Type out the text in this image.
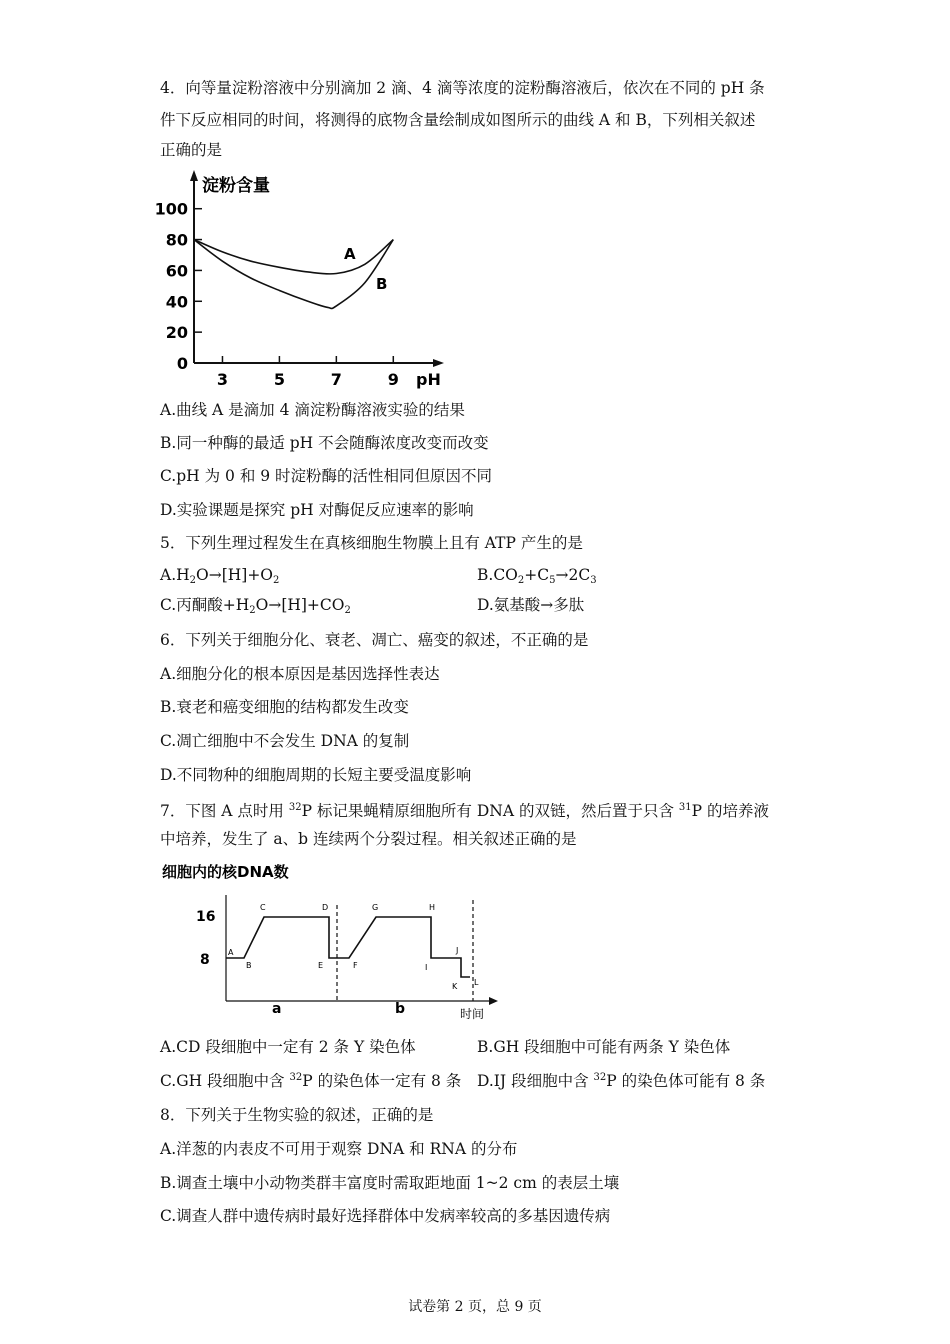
4．向等量淀粉溶液中分别滴加 2 滴、4 滴等浓度的淀粉酶溶液后，依次在不同的 pH 条
件下反应相同的时间，将测得的底物含量绘制成如图所示的曲线 A 和 B，下列相关叙述
正确的是
淀粉含量
pH
0
20
40
60
80
100
3	5	7	9
A
B
A.曲线 A 是滴加 4 滴淀粉酶溶液实验的结果
B.同一种酶的最适 pH 不会随酶浓度改变而改变
C.pH 为 0 和 9 时淀粉酶的活性相同但原因不同
D.实验课题是探究 pH 对酶促反应速率的影响
5．下列生理过程发生在真核细胞生物膜上且有 ATP 产生的是
$A.H_2O\to[H]+O_2$	$B.CO_2+C_5\to 2C_3$
C.丙酮酸$+H_2O\to[H]+CO_2$	D.氨基酸→多肽
6．下列关于细胞分化、衰老、凋亡、癌变的叙述，不正确的是
A.细胞分化的根本原因是基因选择性表达
B.衰老和癌变细胞的结构都发生改变
C.凋亡细胞中不会发生 DNA 的复制
D.不同物种的细胞周期的长短主要受温度影响
7．下图 A 点时用 $^{32}$P 标记果蝇精原细胞所有 DNA 的双链，然后置于只含 $^{31}$P 的培养液
中培养，发生了 a、b 连续两个分裂过程。相关叙述正确的是
细胞内的核DNA数
时间
16
8 A
B
C	D
E	F
G	H
I
J
K L
a	b
A.CD 段细胞中一定有 2 条 Y 染色体	B.GH 段细胞中可能有两条 Y 染色体
C.GH 段细胞中含 $^{32}$P 的染色体一定有 8 条 D.IJ 段细胞中含 $^{32}$P 的染色体可能有 8 条
8．下列关于生物实验的叙述，正确的是
A.洋葱的内表皮不可用于观察 DNA 和 RNA 的分布
B.调查土壤中小动物类群丰富度时需取距地面 1~2 cm 的表层土壤
C.调查人群中遗传病时最好选择群体中发病率较高的多基因遗传病
试卷第 2 页，总 9 页
